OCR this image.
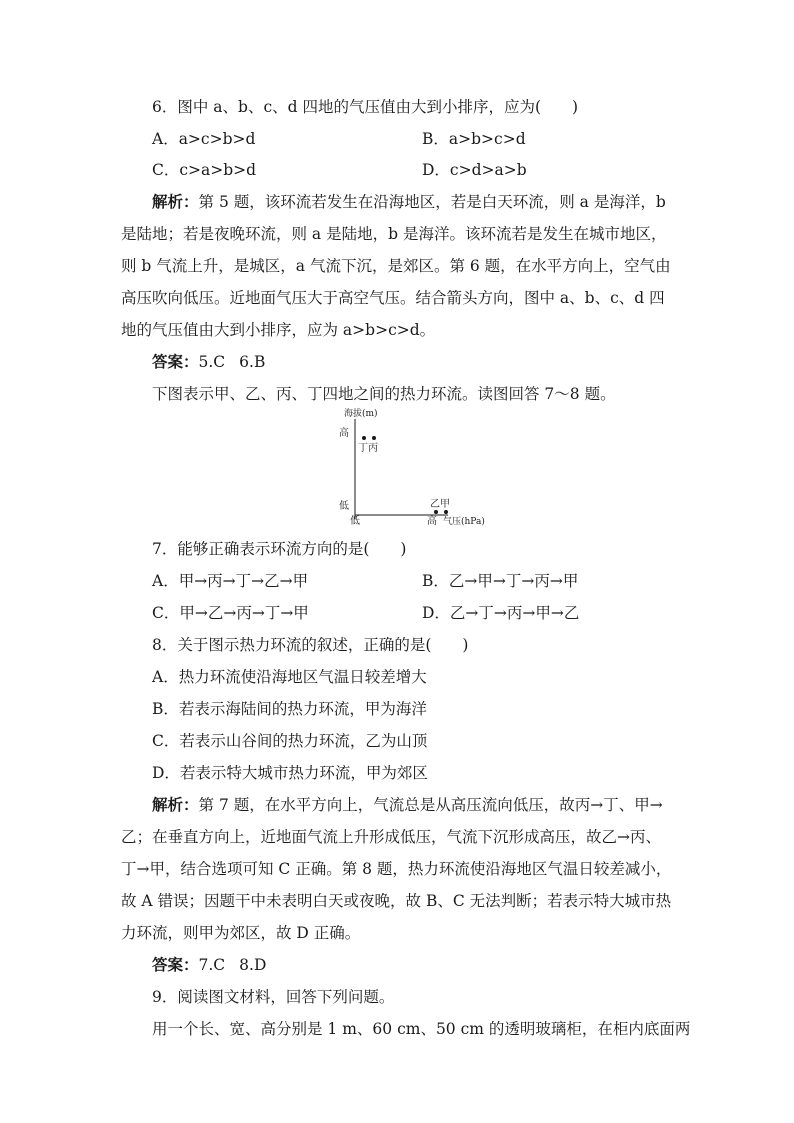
6．图中 a、b、c、d 四地的气压值由大到小排序，应为(　　)
A．a>c>b>d	B．a>b>c>d
C．c>a>b>d	D．c>d>a>b
解析：第 5 题，该环流若发生在沿海地区，若是白天环流，则 a 是海洋，b
是陆地；若是夜晚环流，则 a 是陆地，b 是海洋。该环流若是发生在城市地区，
则 b 气流上升，是城区，a 气流下沉，是郊区。第 6 题，在水平方向上，空气由
高压吹向低压。近地面气压大于高空气压。结合箭头方向，图中 a、b、c、d 四
地的气压值由大到小排序，应为 a>b>c>d。
答案：5.C 6.B
下图表示甲、乙、丙、丁四地之间的热力环流。读图回答 7～8 题。
海拔(m)
高
低
低	高 气压(hPa)
丁丙
乙甲
7．能够正确表示环流方向的是(　　)
A．甲→丙→丁→乙→甲	B．乙→甲→丁→丙→甲
C．甲→乙→丙→丁→甲	D．乙→丁→丙→甲→乙
8．关于图示热力环流的叙述，正确的是(　　)
A．热力环流使沿海地区气温日较差增大
B．若表示海陆间的热力环流，甲为海洋
C．若表示山谷间的热力环流，乙为山顶
D．若表示特大城市热力环流，甲为郊区
解析：第 7 题，在水平方向上，气流总是从高压流向低压，故丙→丁、甲→
乙；在垂直方向上，近地面气流上升形成低压，气流下沉形成高压，故乙→丙、
丁→甲，结合选项可知 C 正确。第 8 题，热力环流使沿海地区气温日较差减小，
故 A 错误；因题干中未表明白天或夜晚，故 B、C 无法判断；若表示特大城市热
力环流，则甲为郊区，故 D 正确。
答案：7.C 8.D
9．阅读图文材料，回答下列问题。
用一个长、宽、高分别是 1 m、60 cm、50 cm 的透明玻璃柜，在柜内底面两
